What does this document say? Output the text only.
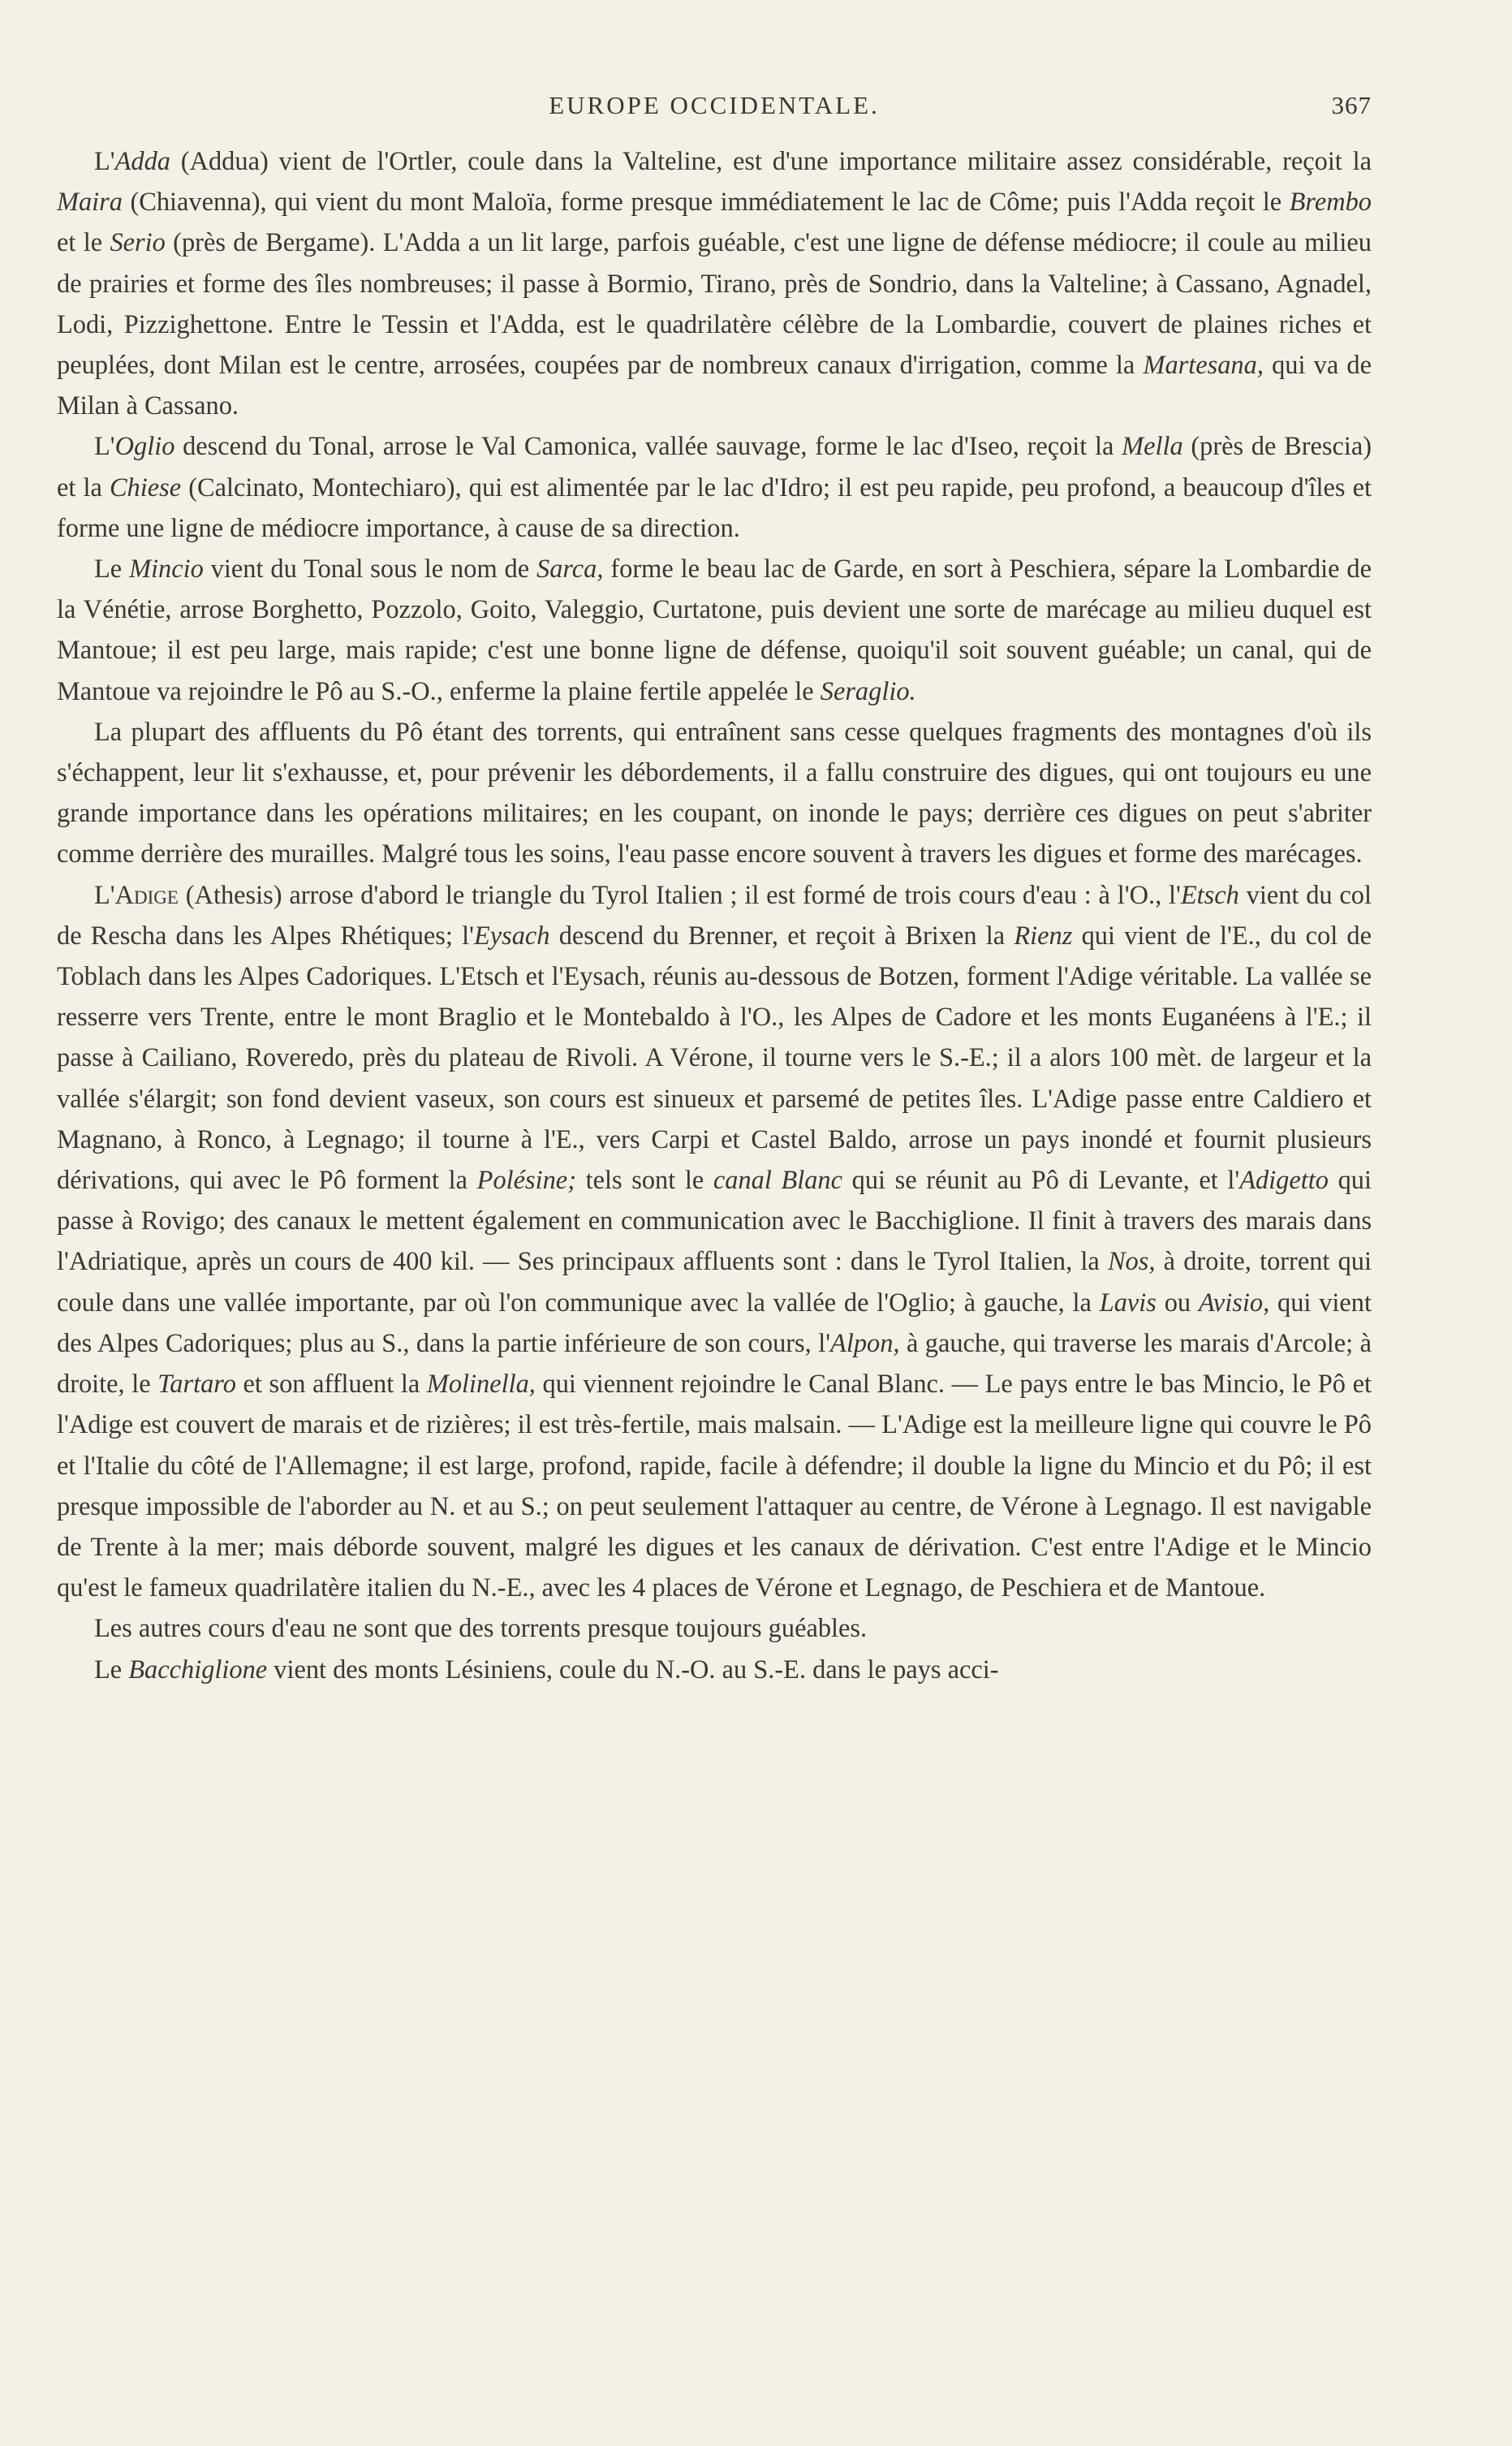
EUROPE OCCIDENTALE.	367

L'Adda (Addua) vient de l'Ortler, coule dans la Valteline, est d'une importance militaire assez considérable, reçoit la Maira (Chiavenna), qui vient du mont Maloïa, forme presque immédiatement le lac de Côme; puis l'Adda reçoit le Brembo et le Serio (près de Bergame). L'Adda a un lit large, parfois guéable, c'est une ligne de défense médiocre; il coule au milieu de prairies et forme des îles nombreuses; il passe à Bormio, Tirano, près de Sondrio, dans la Valteline; à Cassano, Agnadel, Lodi, Pizzighettone. Entre le Tessin et l'Adda, est le quadrilatère célèbre de la Lombardie, couvert de plaines riches et peuplées, dont Milan est le centre, arrosées, coupées par de nombreux canaux d'irrigation, comme la Martesana, qui va de Milan à Cassano.

L'Oglio descend du Tonal, arrose le Val Camonica, vallée sauvage, forme le lac d'Iseo, reçoit la Mella (près de Brescia) et la Chiese (Calcinato, Montechiaro), qui est alimentée par le lac d'Idro; il est peu rapide, peu profond, a beaucoup d'îles et forme une ligne de médiocre importance, à cause de sa direction.

Le Mincio vient du Tonal sous le nom de Sarca, forme le beau lac de Garde, en sort à Peschiera, sépare la Lombardie de la Vénétie, arrose Borghetto, Pozzolo, Goito, Valeggio, Curtatone, puis devient une sorte de marécage au milieu duquel est Mantoue; il est peu large, mais rapide; c'est une bonne ligne de défense, quoiqu'il soit souvent guéable; un canal, qui de Mantoue va rejoindre le Pô au S.-O., enferme la plaine fertile appelée le Seraglio.

La plupart des affluents du Pô étant des torrents, qui entraînent sans cesse quelques fragments des montagnes d'où ils s'échappent, leur lit s'exhausse, et, pour prévenir les débordements, il a fallu construire des digues, qui ont toujours eu une grande importance dans les opérations militaires; en les coupant, on inonde le pays; derrière ces digues on peut s'abriter comme derrière des murailles. Malgré tous les soins, l'eau passe encore souvent à travers les digues et forme des marécages.

L'Adige (Athesis) arrose d'abord le triangle du Tyrol Italien ; il est formé de trois cours d'eau : à l'O., l'Etsch vient du col de Rescha dans les Alpes Rhétiques; l'Eysach descend du Brenner, et reçoit à Brixen la Rienz qui vient de l'E., du col de Toblach dans les Alpes Cadoriques. L'Etsch et l'Eysach, réunis au-dessous de Botzen, forment l'Adige véritable. La vallée se resserre vers Trente, entre le mont Braglio et le Montebaldo à l'O., les Alpes de Cadore et les monts Euganéens à l'E.; il passe à Cailiano, Roveredo, près du plateau de Rivoli. A Vérone, il tourne vers le S.-E.; il a alors 100 mèt. de largeur et la vallée s'élargit; son fond devient vaseux, son cours est sinueux et parsemé de petites îles. L'Adige passe entre Caldiero et Magnano, à Ronco, à Legnago; il tourne à l'E., vers Carpi et Castel Baldo, arrose un pays inondé et fournit plusieurs dérivations, qui avec le Pô forment la Polésine; tels sont le canal Blanc qui se réunit au Pô di Levante, et l'Adigetto qui passe à Rovigo; des canaux le mettent également en communication avec le Bacchiglione. Il finit à travers des marais dans l'Adriatique, après un cours de 400 kil. — Ses principaux affluents sont : dans le Tyrol Italien, la Nos, à droite, torrent qui coule dans une vallée importante, par où l'on communique avec la vallée de l'Oglio; à gauche, la Lavis ou Avisio, qui vient des Alpes Cadoriques; plus au S., dans la partie inférieure de son cours, l'Alpon, à gauche, qui traverse les marais d'Arcole; à droite, le Tartaro et son affluent la Molinella, qui viennent rejoindre le Canal Blanc. — Le pays entre le bas Mincio, le Pô et l'Adige est couvert de marais et de rizières; il est très-fertile, mais malsain. — L'Adige est la meilleure ligne qui couvre le Pô et l'Italie du côté de l'Allemagne; il est large, profond, rapide, facile à défendre; il double la ligne du Mincio et du Pô; il est presque impossible de l'aborder au N. et au S.; on peut seulement l'attaquer au centre, de Vérone à Legnago. Il est navigable de Trente à la mer; mais déborde souvent, malgré les digues et les canaux de dérivation. C'est entre l'Adige et le Mincio qu'est le fameux quadrilatère italien du N.-E., avec les 4 places de Vérone et Legnago, de Peschiera et de Mantoue.

Les autres cours d'eau ne sont que des torrents presque toujours guéables.

Le Bacchiglione vient des monts Lésiniens, coule du N.-O. au S.-E. dans le pays acci-
